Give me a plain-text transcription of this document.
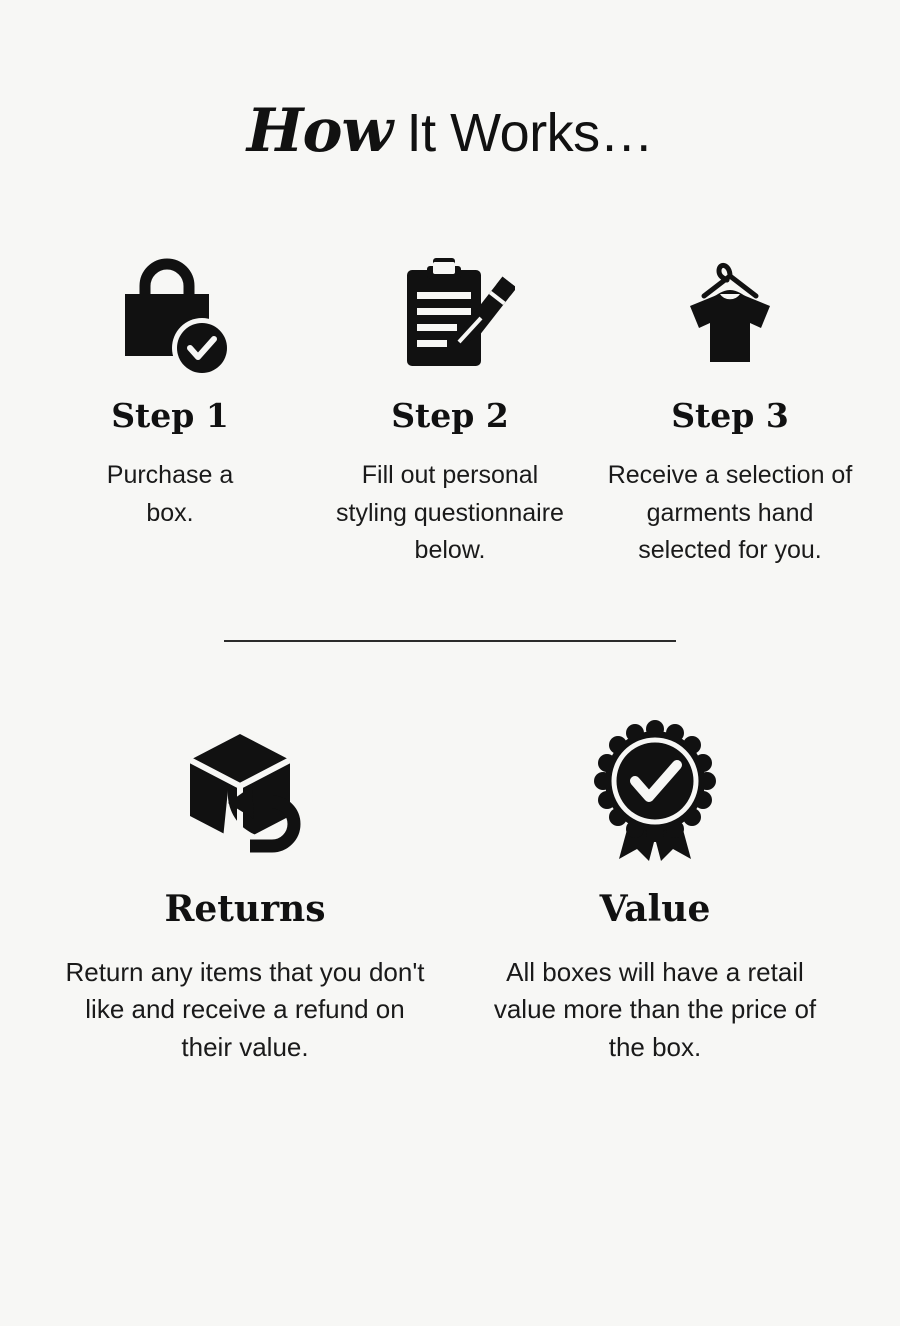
How It Works…
Step 1
Purchase a box.
Step 2
Fill out personal styling questionnaire below.
Step 3
Receive a selection of garments hand selected for you.
Returns
Return any items that you don't like and receive a refund on their value.
Value
All boxes will have a retail value more than the price of the box.
